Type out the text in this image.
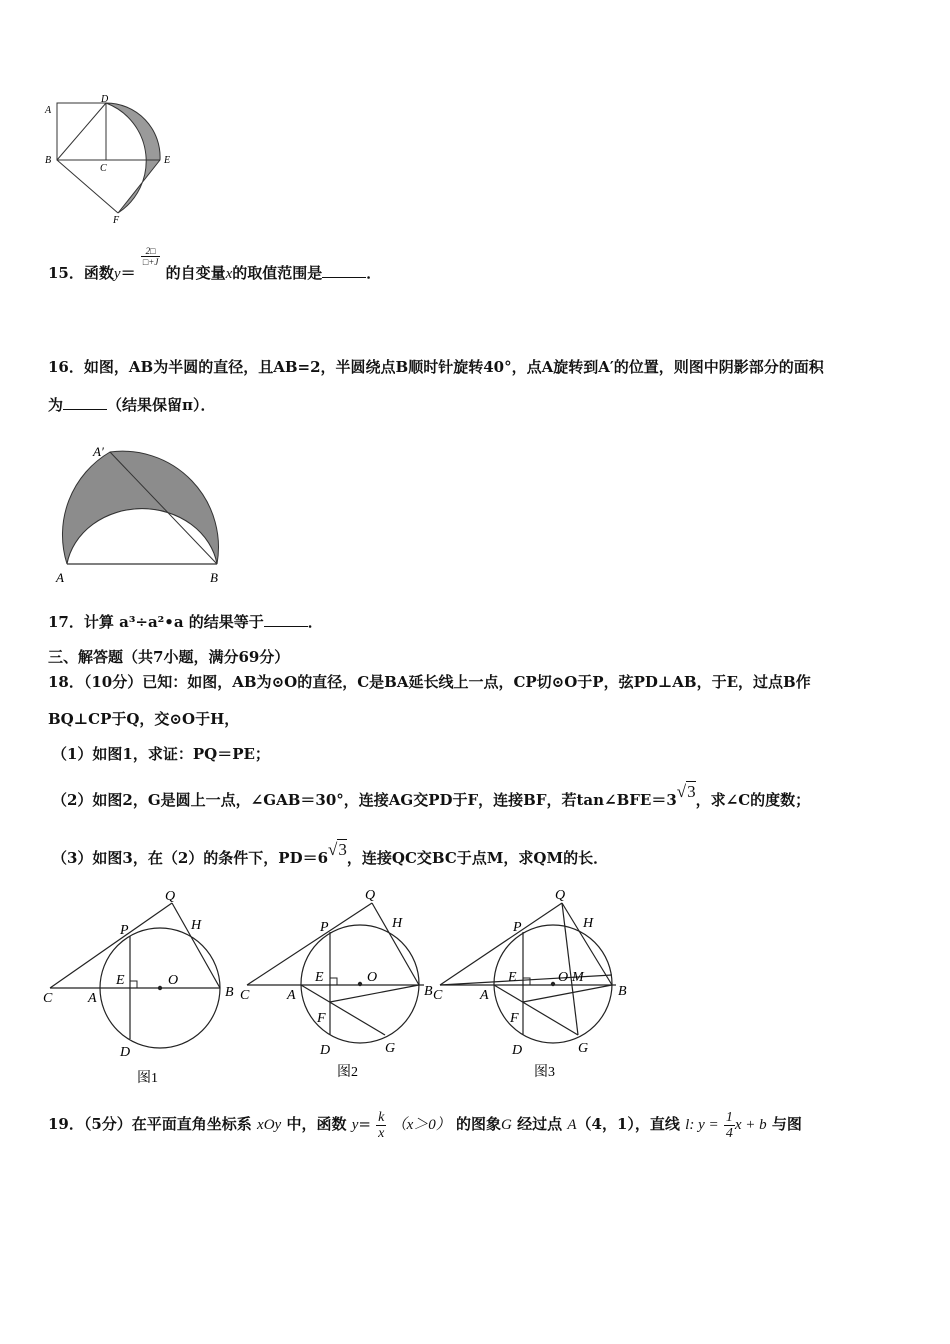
A
D
B
C
E
F
15．函数y＝
$\frac{2□}{□+J}$
的自变量x的取值范围是	．
16．如图，AB为半圆的直径，且AB=2，半圆绕点B顺时针旋转40°，点A旋转到A′的位置，则图中阴影部分的面积
为	（结果保留π）．
A′
A	B
17．计算 a³÷a²•a 的结果等于	．
三、解答题（共7小题，满分69分）
18．（10分）已知：如图，AB为⊙O的直径，C是BA延长线上一点，CP切⊙O于P，弦PD⊥AB，于E，过点B作
BQ⊥CP于Q，交⊙O于H，
（1）如图1，求证：PQ＝PE；
（2）如图2，G是圆上一点，∠GAB＝30°，连接AG交PD于F，连接BF，若tan∠BFE＝3√3，求∠C的度数；
（3）如图3，在（2）的条件下，PD＝6√3，连接QC交BC于点M，求QM的长．
Q
P	H
C	A
E	O
B
D
图1
Q
P	H
C	A
E	O
B
F
D	G
图2
Q
P	H
C	A
E	O M
B
F
D	G
图3
19．（5分）在平面直角坐标系 xOy 中，函数 $y= \frac{k}{x} (x>0)$ 的图象G 经过点 A（4，1），直线 l: $y = \frac{1}{4}$ x + b 与图
